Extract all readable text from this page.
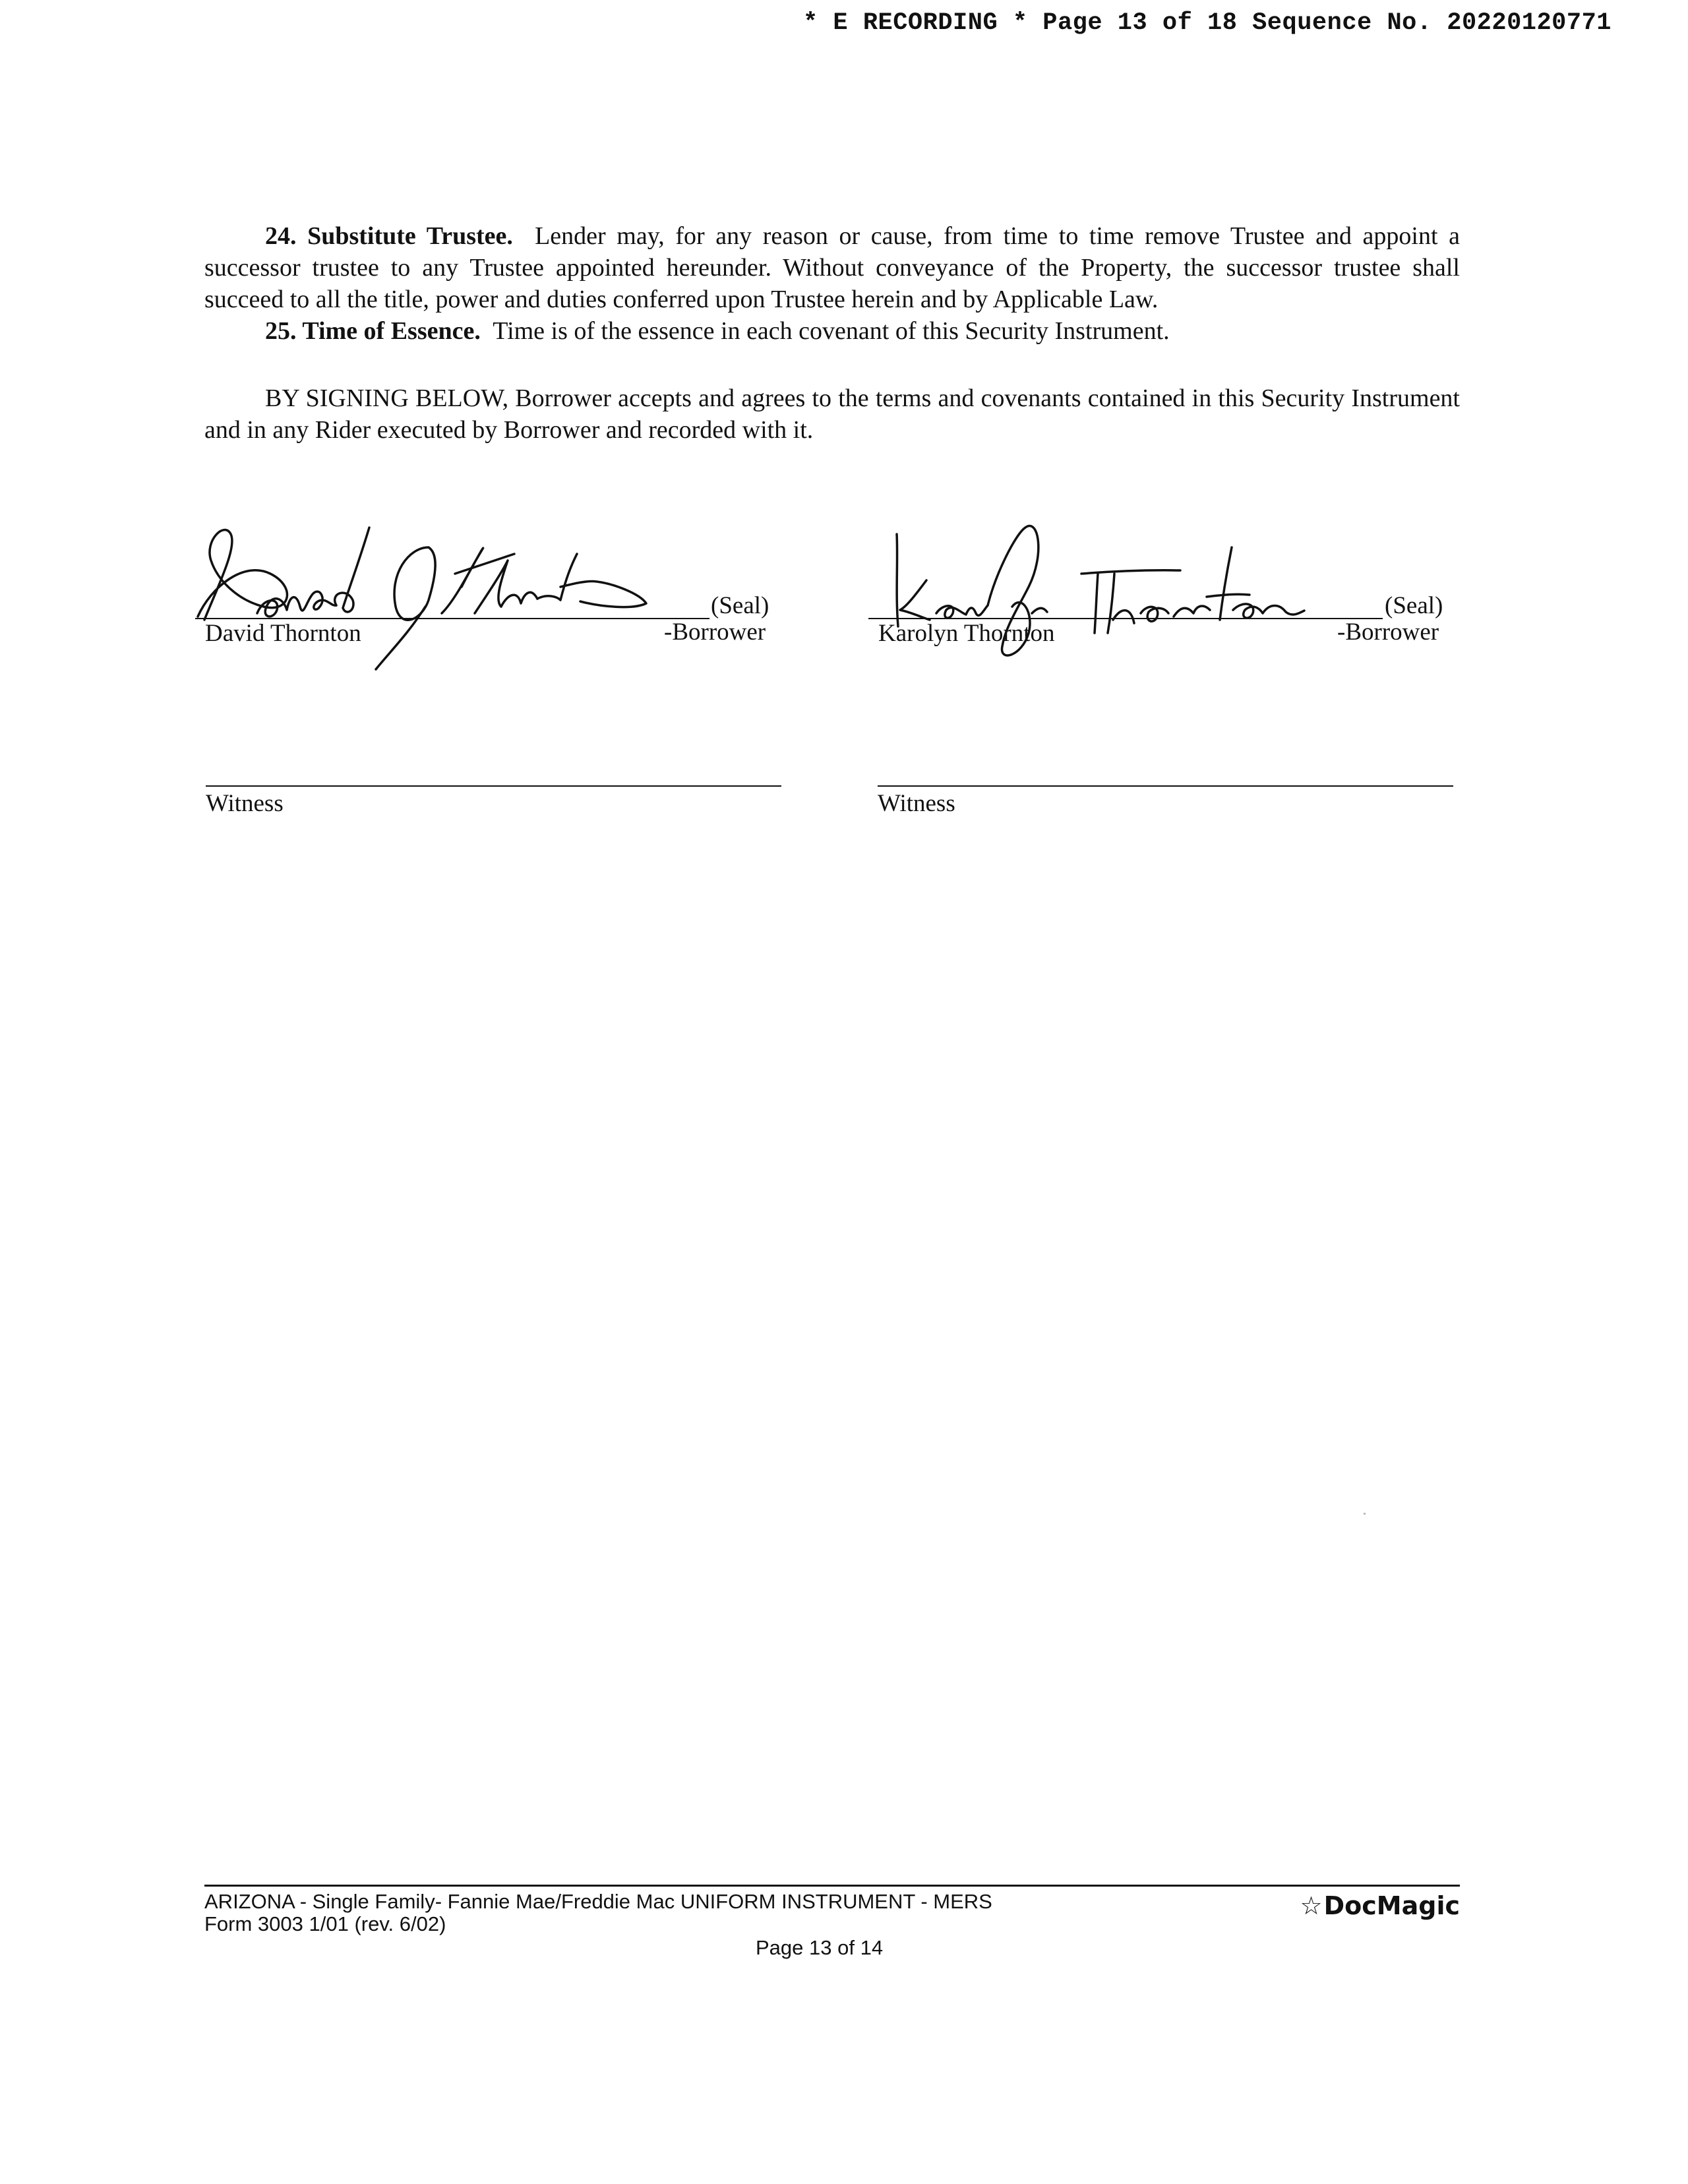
* E RECORDING * Page 13 of 18 Sequence No. 20220120771

24. Substitute Trustee. Lender may, for any reason or cause, from time to time remove Trustee and appoint a successor trustee to any Trustee appointed hereunder. Without conveyance of the Property, the successor trustee shall succeed to all the title, power and duties conferred upon Trustee herein and by Applicable Law.

25. Time of Essence. Time is of the essence in each covenant of this Security Instrument.

BY SIGNING BELOW, Borrower accepts and agrees to the terms and covenants contained in this Security Instrument and in any Rider executed by Borrower and recorded with it.

(Seal)
David Thornton	-Borrower
(Seal)
Karolyn Thornton	-Borrower
Witness	Witness
ARIZONA - Single Family- Fannie Mae/Freddie Mac UNIFORM INSTRUMENT - MERS
Form 3003 1/01 (rev. 6/02)
Page 13 of 14
☆DocMagic
